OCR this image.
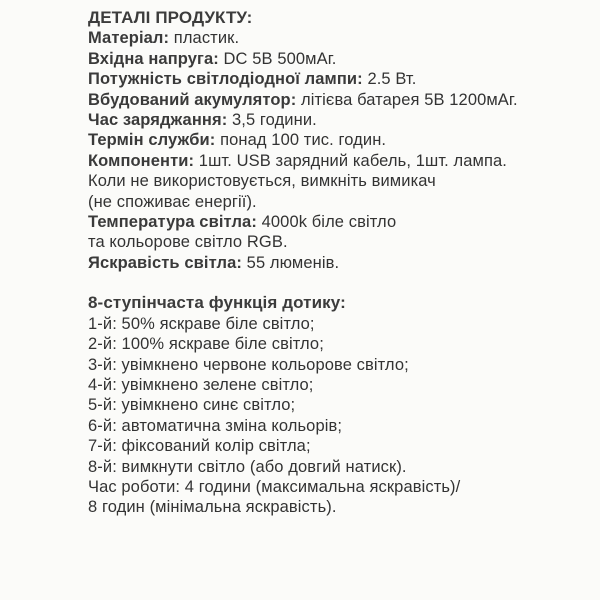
ДЕТАЛІ ПРОДУКТУ:
Матеріал: пластик.
Вхідна напруга: DC 5В 500мАг.
Потужність світлодіодної лампи: 2.5 Вт.
Вбудований акумулятор: літієва батарея 5В 1200мАг.
Час заряджання: 3,5 години.
Термін служби: понад 100 тис. годин.
Компоненти: 1шт. USB зарядний кабель, 1шт. лампа.
Коли не використовується, вимкніть вимикач
(не споживає енергії).
Температура світла: 4000k біле світло
та кольорове світло RGB.
Яскравість світла: 55 люменів.
8-ступінчаста функція дотику:
1-й: 50% яскраве біле світло;
2-й: 100% яскраве біле світло;
3-й: увімкнено червоне кольорове світло;
4-й: увімкнено зелене світло;
5-й: увімкнено синє світло;
6-й: автоматична зміна кольорів;
7-й: фіксований колір світла;
8-й: вимкнути світло (або довгий натиск).
Час роботи: 4 години (максимальна яскравість)/
8 годин (мінімальна яскравість).
